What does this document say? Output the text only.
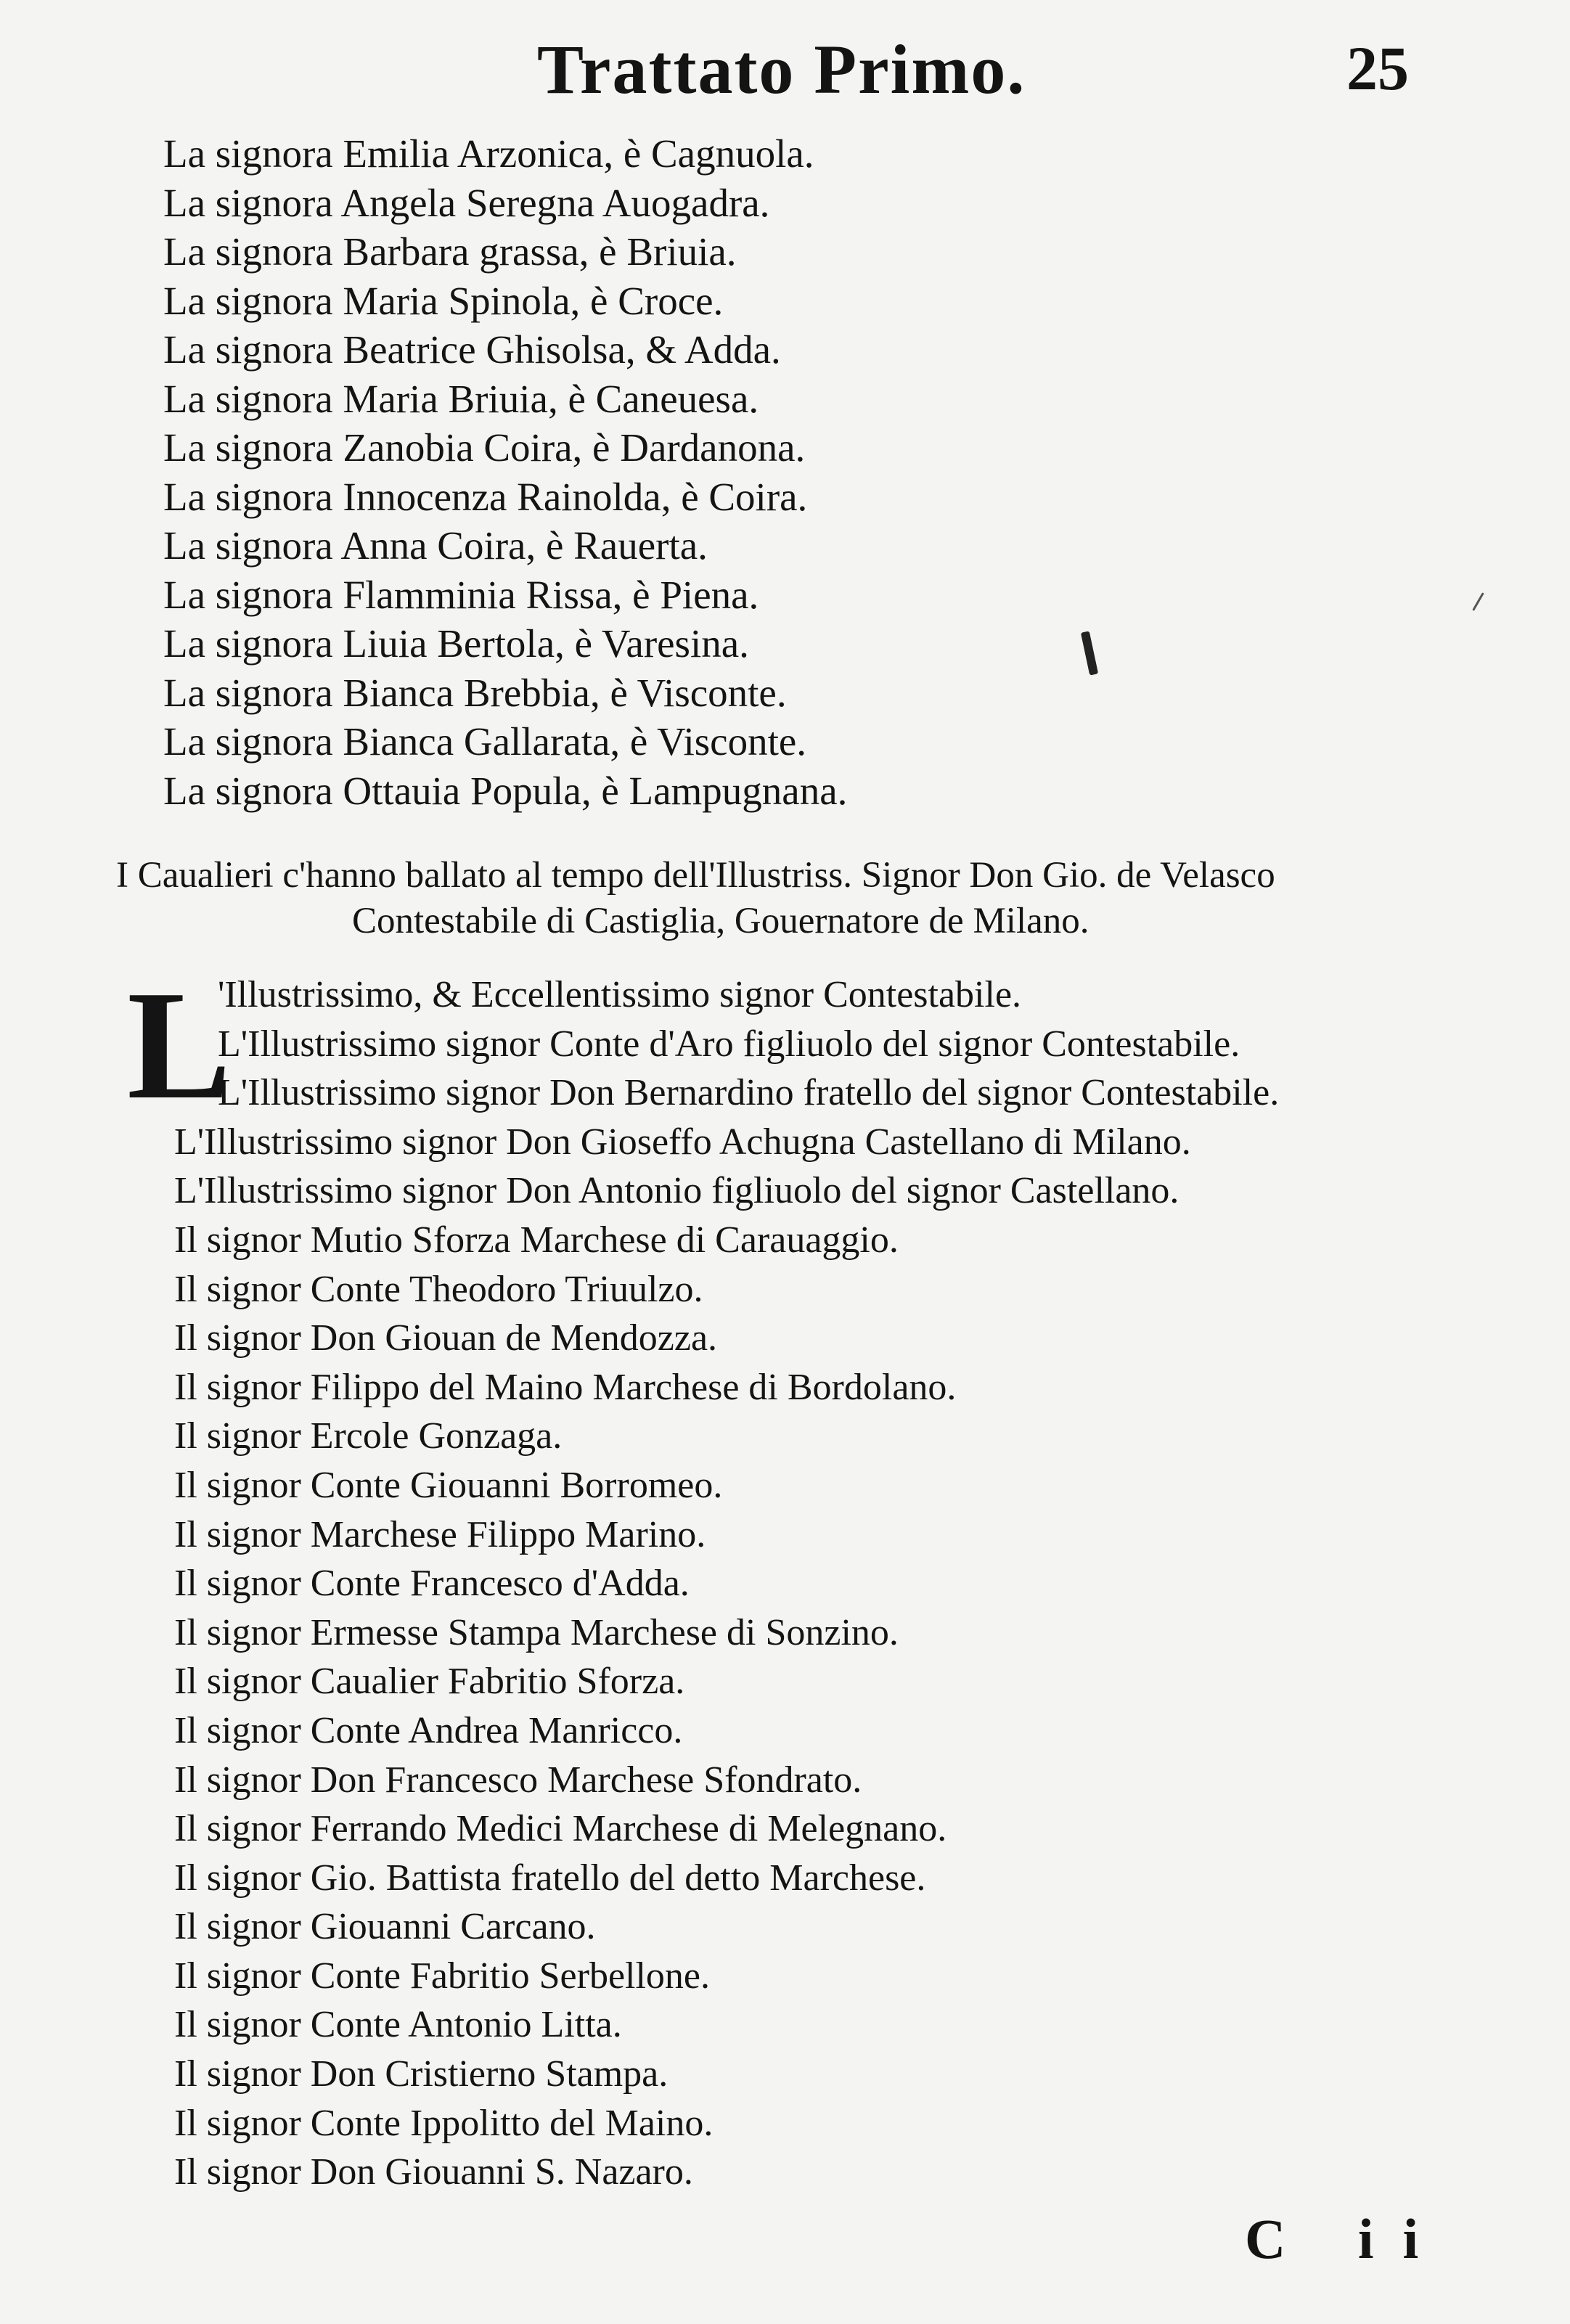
Trattato Primo.	25
La signora Emilia Arzonica, è Cagnuola.
La signora Angela Seregna Auogadra.
La signora Barbara grassa, è Briuia.
La signora Maria Spinola, è Croce.
La signora Beatrice Ghisolsa, & Adda.
La signora Maria Briuia, è Caneuesa.
La signora Zanobia Coira, è Dardanona.
La signora Innocenza Rainolda, è Coira.
La signora Anna Coira, è Rauerta.
La signora Flamminia Rissa, è Piena.
La signora Liuia Bertola, è Varesina.
La signora Bianca Brebbia, è Visconte.
La signora Bianca Gallarata, è Visconte.
La signora Ottauia Popula, è Lampugnana.
I Caualieri c'hanno ballato al tempo dell'Illustriss. Signor Don Gio. de Velasco
Contestabile di Castiglia, Gouernatore de Milano.
L
'Illustrissimo, & Eccellentissimo signor Contestabile.
L'Illustrissimo signor Conte d'Aro figliuolo del signor Contestabile.
L'Illustrissimo signor Don Bernardino fratello del signor Contestabile.
L'Illustrissimo signor Don Gioseffo Achugna Castellano di Milano.
L'Illustrissimo signor Don Antonio figliuolo del signor Castellano.
Il signor Mutio Sforza Marchese di Carauaggio.
Il signor Conte Theodoro Triuulzo.
Il signor Don Giouan de Mendozza.
Il signor Filippo del Maino Marchese di Bordolano.
Il signor Ercole Gonzaga.
Il signor Conte Giouanni Borromeo.
Il signor Marchese Filippo Marino.
Il signor Conte Francesco d'Adda.
Il signor Ermesse Stampa Marchese di Sonzino.
Il signor Caualier Fabritio Sforza.
Il signor Conte Andrea Manricco.
Il signor Don Francesco Marchese Sfondrato.
Il signor Ferrando Medici Marchese di Melegnano.
Il signor Gio. Battista fratello del detto Marchese.
Il signor Giouanni Carcano.
Il signor Conte Fabritio Serbellone.
Il signor Conte Antonio Litta.
Il signor Don Cristierno Stampa.
Il signor Conte Ippolitto del Maino.
Il signor Don Giouanni S. Nazaro.
C ii
